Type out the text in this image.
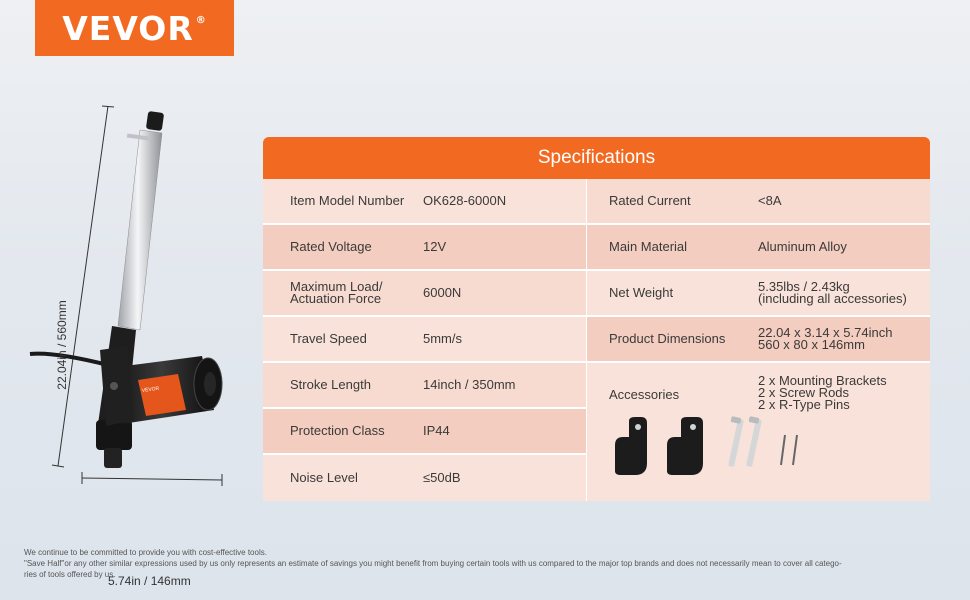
VEVOR ®
VEVOR
22.04in / 560mm
5.74in / 146mm
Specifications
Item Model Number	OK628-6000N
Rated Voltage	12V
Maximum Load/
Actuation Force	6000N
Travel Speed	5mm/s
Stroke Length	14inch / 350mm
Protection Class	IP44
Noise Level	≤50dB
Rated Current	<8A
Main Material	Aluminum Alloy
Net Weight	5.35lbs / 2.43kg
(including all accessories)
Product Dimensions	22.04 x 3.14 x 5.74inch
560 x 80 x 146mm
Accessories
2 x Mounting Brackets
2 x Screw Rods
2 x R-Type Pins
We continue to be committed to provide you with cost-effective tools.
"Save Half"or any other similar expressions used by us only represents an estimate of savings you might benefit from buying certain tools with us compared to the major top brands and does not necessarily mean to cover all catego-
ries of tools offered by us.
